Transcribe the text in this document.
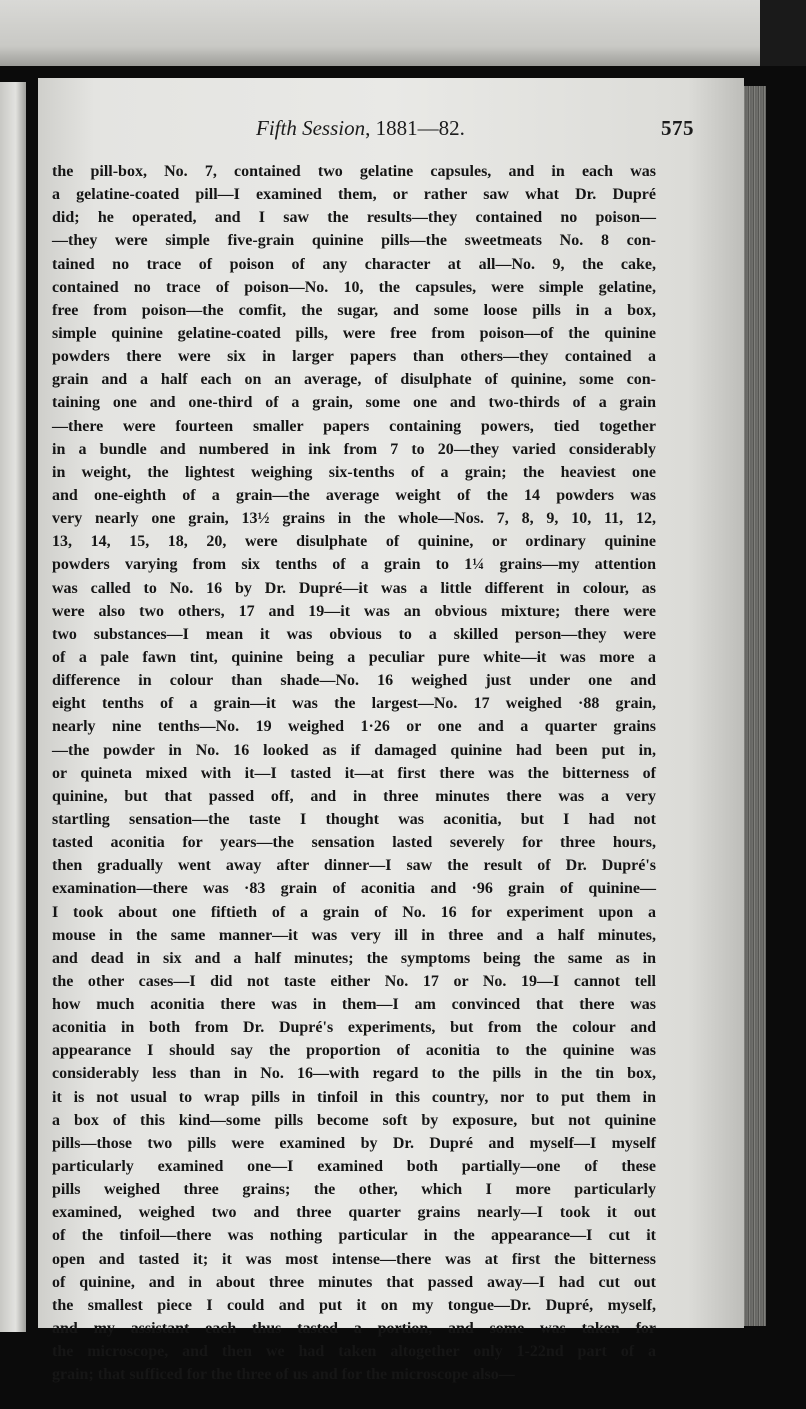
Fifth Session, 1881—82.	575
the pill-box, No. 7, contained two gelatine capsules, and in each was
a gelatine-coated pill—I examined them, or rather saw what Dr. Dupré
did; he operated, and I saw the results—they contained no poison—
—they were simple five-grain quinine pills—the sweetmeats No. 8 con-
tained no trace of poison of any character at all—No. 9, the cake,
contained no trace of poison—No. 10, the capsules, were simple gelatine,
free from poison—the comfit, the sugar, and some loose pills in a box,
simple quinine gelatine-coated pills, were free from poison—of the quinine
powders there were six in larger papers than others—they contained a
grain and a half each on an average, of disulphate of quinine, some con-
taining one and one-third of a grain, some one and two-thirds of a grain
—there were fourteen smaller papers containing powers, tied together
in a bundle and numbered in ink from 7 to 20—they varied considerably
in weight, the lightest weighing six-tenths of a grain; the heaviest one
and one-eighth of a grain—the average weight of the 14 powders was
very nearly one grain, 13½ grains in the whole—Nos. 7, 8, 9, 10, 11, 12,
13, 14, 15, 18, 20, were disulphate of quinine, or ordinary quinine
powders varying from six tenths of a grain to 1¼ grains—my attention
was called to No. 16 by Dr. Dupré—it was a little different in colour, as
were also two others, 17 and 19—it was an obvious mixture; there were
two substances—I mean it was obvious to a skilled person—they were
of a pale fawn tint, quinine being a peculiar pure white—it was more a
difference in colour than shade—No. 16 weighed just under one and
eight tenths of a grain—it was the largest—No. 17 weighed ·88 grain,
nearly nine tenths—No. 19 weighed 1·26 or one and a quarter grains
—the powder in No. 16 looked as if damaged quinine had been put in,
or quineta mixed with it—I tasted it—at first there was the bitterness of
quinine, but that passed off, and in three minutes there was a very
startling sensation—the taste I thought was aconitia, but I had not
tasted aconitia for years—the sensation lasted severely for three hours,
then gradually went away after dinner—I saw the result of Dr. Dupré's
examination—there was ·83 grain of aconitia and ·96 grain of quinine—
I took about one fiftieth of a grain of No. 16 for experiment upon a
mouse in the same manner—it was very ill in three and a half minutes,
and dead in six and a half minutes; the symptoms being the same as in
the other cases—I did not taste either No. 17 or No. 19—I cannot tell
how much aconitia there was in them—I am convinced that there was
aconitia in both from Dr. Dupré's experiments, but from the colour and
appearance I should say the proportion of aconitia to the quinine was
considerably less than in No. 16—with regard to the pills in the tin box,
it is not usual to wrap pills in tinfoil in this country, nor to put them in
a box of this kind—some pills become soft by exposure, but not quinine
pills—those two pills were examined by Dr. Dupré and myself—I myself
particularly examined one—I examined both partially—one of these
pills weighed three grains; the other, which I more particularly
examined, weighed two and three quarter grains nearly—I took it out
of the tinfoil—there was nothing particular in the appearance—I cut it
open and tasted it; it was most intense—there was at first the bitterness
of quinine, and in about three minutes that passed away—I had cut out
the smallest piece I could and put it on my tongue—Dr. Dupré, myself,
and my assistant each thus tasted a portion, and some was taken for
the microscope, and then we had taken altogether only 1-22nd part of a
grain; that sufficed for the three of us and for the microscope also—
